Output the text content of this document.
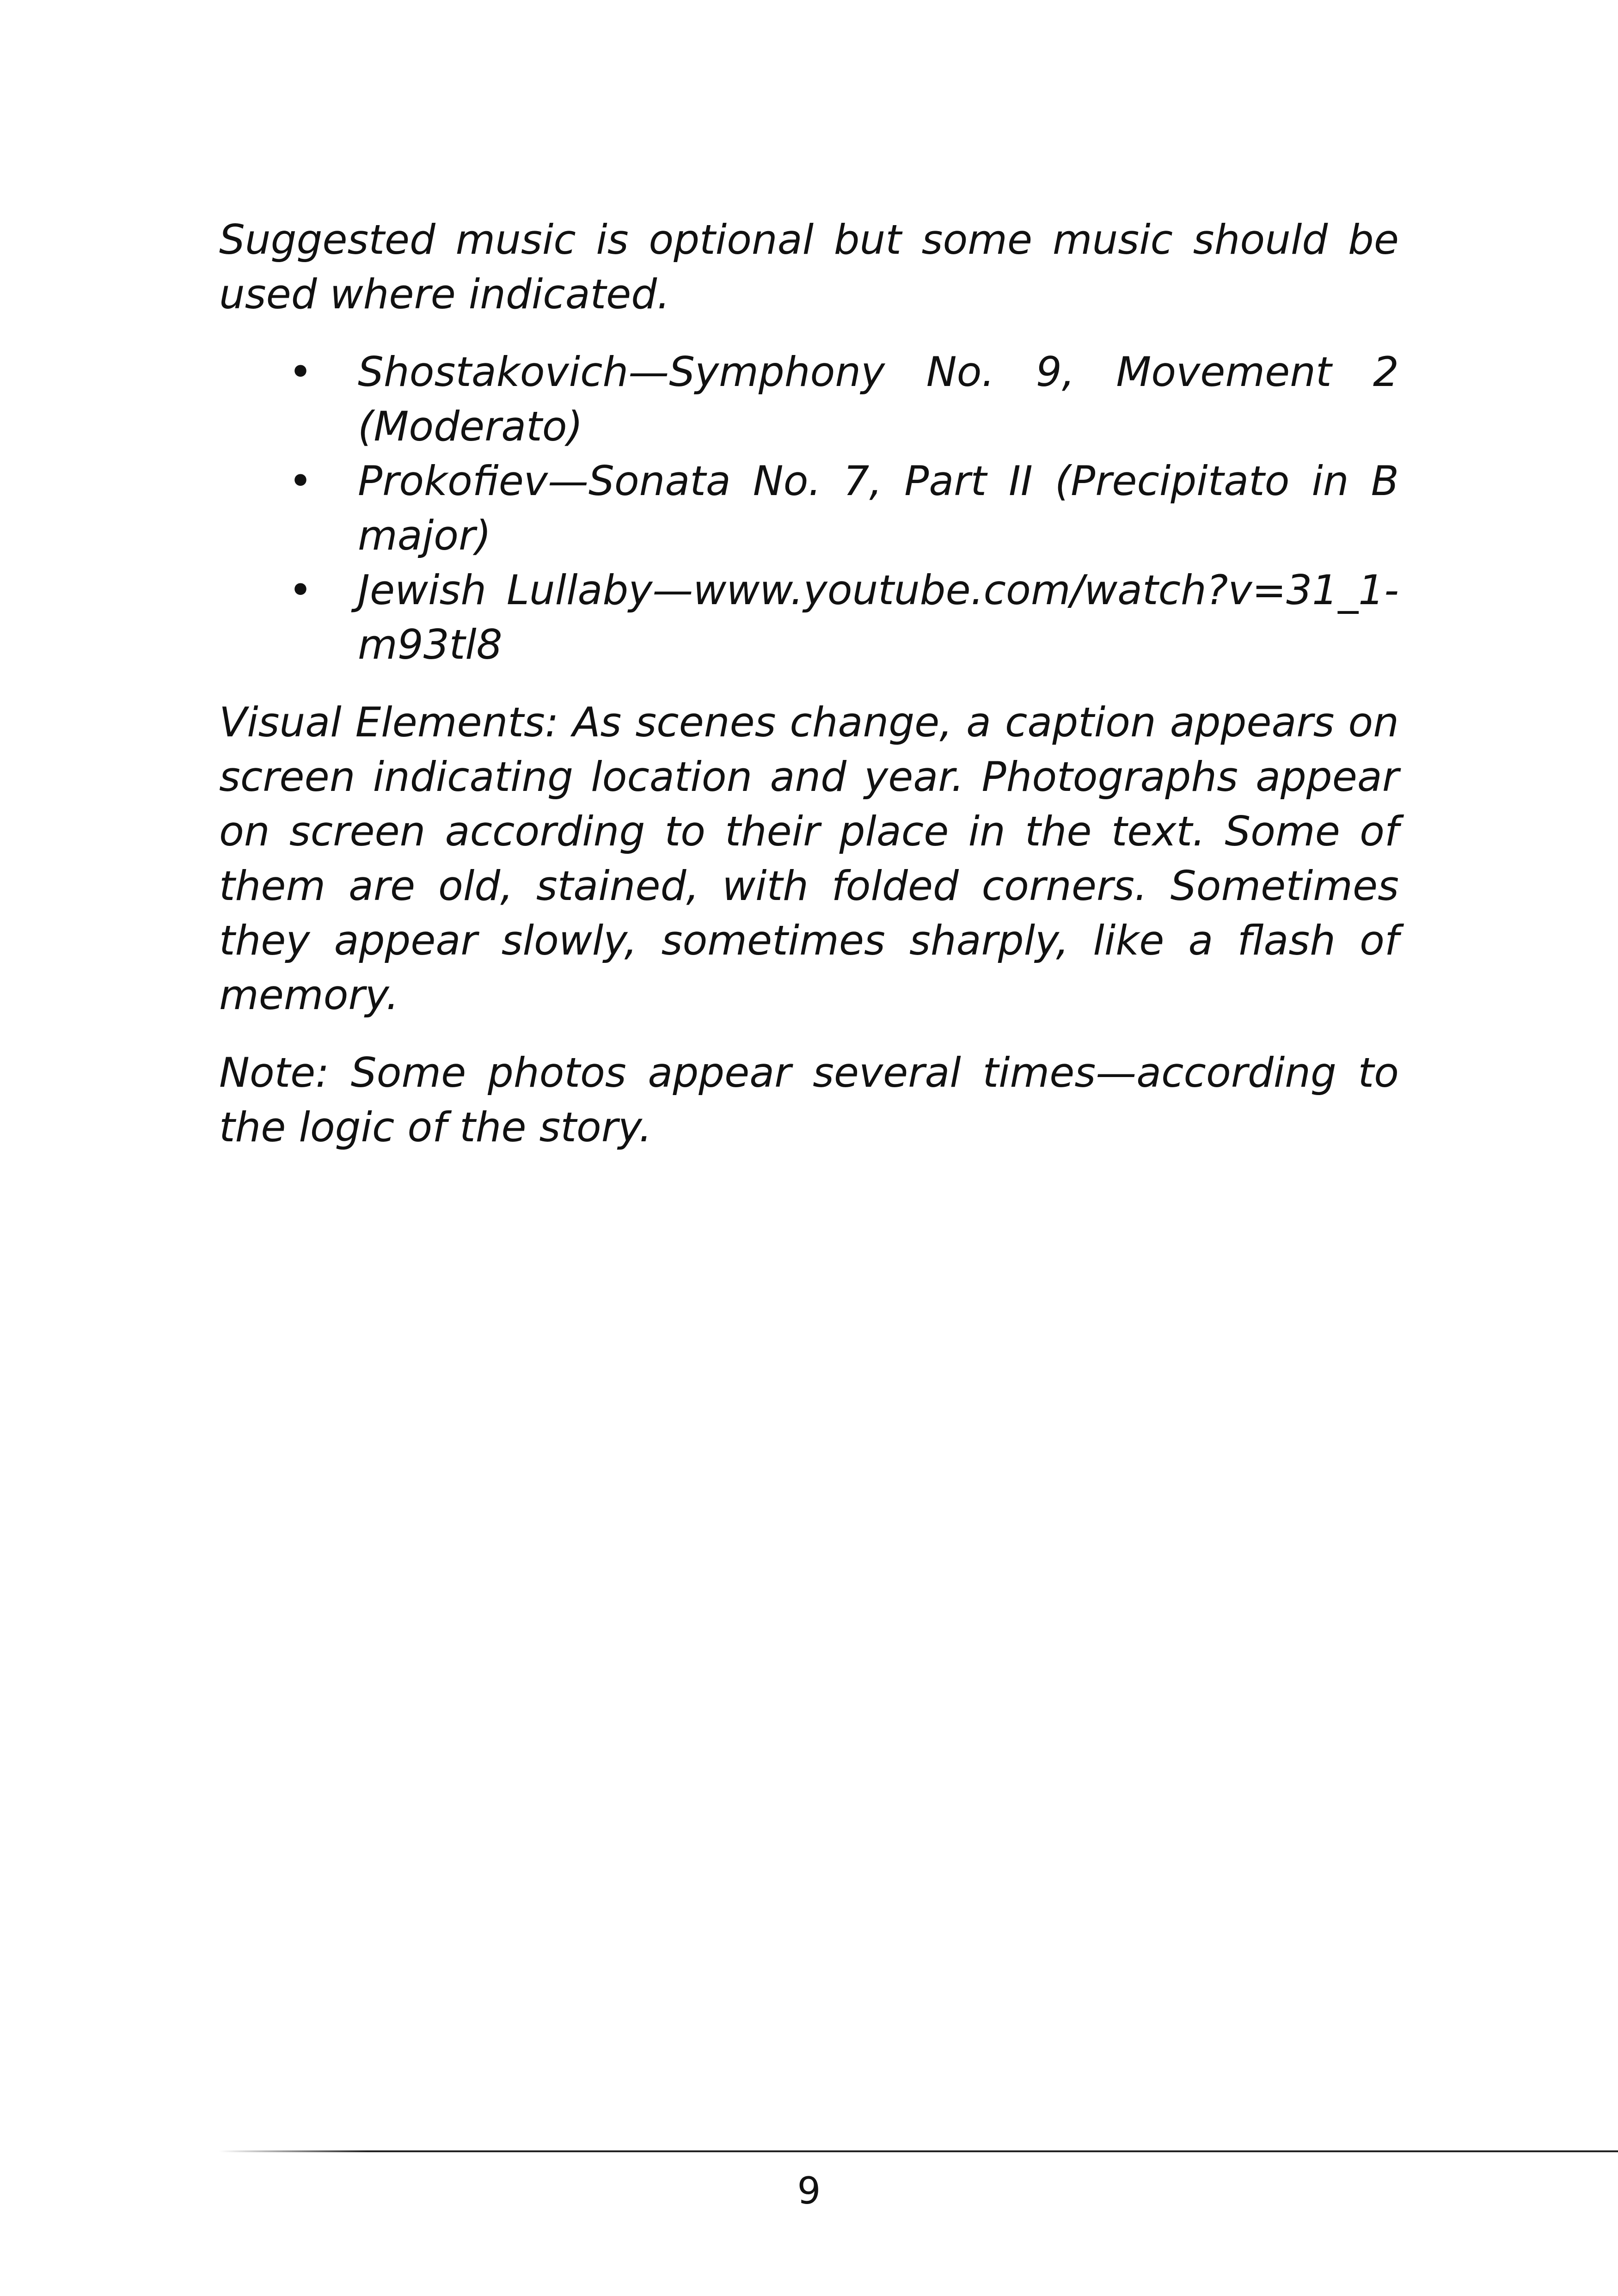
Suggested music is optional but some music should be used where indicated.

• Shostakovich—Symphony No. 9, Movement 2 (Moderato)
• Prokofiev—Sonata No. 7, Part II (Precipitato in B major)
• Jewish Lullaby—www.youtube.com/watch?v=31_1-m93tl8

Visual Elements: As scenes change, a caption appears on screen indicating location and year. Photographs appear on screen according to their place in the text. Some of them are old, stained, with folded corners. Sometimes they appear slowly, sometimes sharply, like a flash of memory.

Note: Some photos appear several times—according to the logic of the story.

9
